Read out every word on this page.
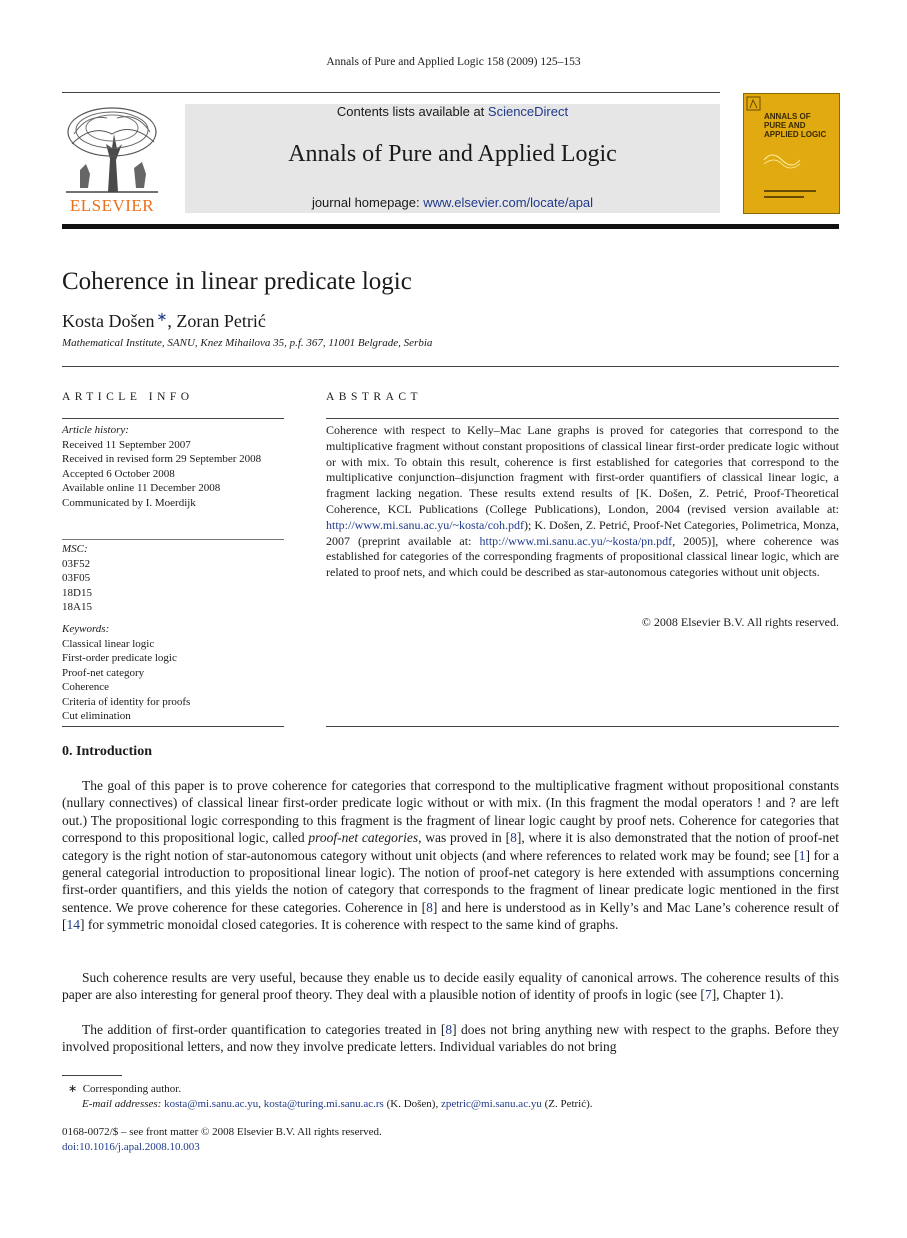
Annals of Pure and Applied Logic 158 (2009) 125–153
ELSEVIER
Contents lists available at ScienceDirect
Annals of Pure and Applied Logic
journal homepage: www.elsevier.com/locate/apal
ANNALS OF PURE AND APPLIED LOGIC
Coherence in linear predicate logic
Kosta Došen ∗, Zoran Petrić
Mathematical Institute, SANU, Knez Mihailova 35, p.f. 367, 11001 Belgrade, Serbia
ARTICLE INFO	ABSTRACT
Article history:
Received 11 September 2007
Received in revised form 29 September 2008
Accepted 6 October 2008
Available online 11 December 2008
Communicated by I. Moerdijk
MSC:
03F52
03F05
18D15
18A15
Keywords:
Classical linear logic
First-order predicate logic
Proof-net category
Coherence
Criteria of identity for proofs
Cut elimination
Coherence with respect to Kelly–Mac Lane graphs is proved for categories that correspond to the multiplicative fragment without constant propositions of classical linear first-order predicate logic without or with mix. To obtain this result, coherence is first established for categories that correspond to the multiplicative conjunction–disjunction fragment with first-order quantifiers of classical linear logic, a fragment lacking negation. These results extend results of [K. Došen, Z. Petrić, Proof-Theoretical Coherence, KCL Publications (College Publications), London, 2004 (revised version available at: http://www.mi.sanu.ac.yu/~kosta/coh.pdf); K. Došen, Z. Petrić, Proof-Net Categories, Polimetrica, Monza, 2007 (preprint available at: http://www.mi.sanu.ac.yu/~kosta/pn.pdf, 2005)], where coherence was established for categories of the corresponding fragments of propositional classical linear logic, which are related to proof nets, and which could be described as star-autonomous categories without unit objects.
© 2008 Elsevier B.V. All rights reserved.
0. Introduction
The goal of this paper is to prove coherence for categories that correspond to the multiplicative fragment without propositional constants (nullary connectives) of classical linear first-order predicate logic without or with mix. (In this fragment the modal operators ! and ? are left out.) The propositional logic corresponding to this fragment is the fragment of linear logic caught by proof nets. Coherence for categories that correspond to this propositional logic, called proof-net categories, was proved in [8], where it is also demonstrated that the notion of proof-net category is the right notion of star-autonomous category without unit objects (and where references to related work may be found; see [1] for a general categorial introduction to propositional linear logic). The notion of proof-net category is here extended with assumptions concerning first-order quantifiers, and this yields the notion of category that corresponds to the fragment of linear predicate logic mentioned in the first sentence. We prove coherence for these categories. Coherence in [8] and here is understood as in Kelly’s and Mac Lane’s coherence result of [14] for symmetric monoidal closed categories. It is coherence with respect to the same kind of graphs.
Such coherence results are very useful, because they enable us to decide easily equality of canonical arrows. The coherence results of this paper are also interesting for general proof theory. They deal with a plausible notion of identity of proofs in logic (see [7], Chapter 1).
The addition of first-order quantification to categories treated in [8] does not bring anything new with respect to the graphs. Before they involved propositional letters, and now they involve predicate letters. Individual variables do not bring
∗ Corresponding author.
E-mail addresses: kosta@mi.sanu.ac.yu, kosta@turing.mi.sanu.ac.rs (K. Došen), zpetric@mi.sanu.ac.yu (Z. Petrić).
0168-0072/$ – see front matter © 2008 Elsevier B.V. All rights reserved.
doi:10.1016/j.apal.2008.10.003
